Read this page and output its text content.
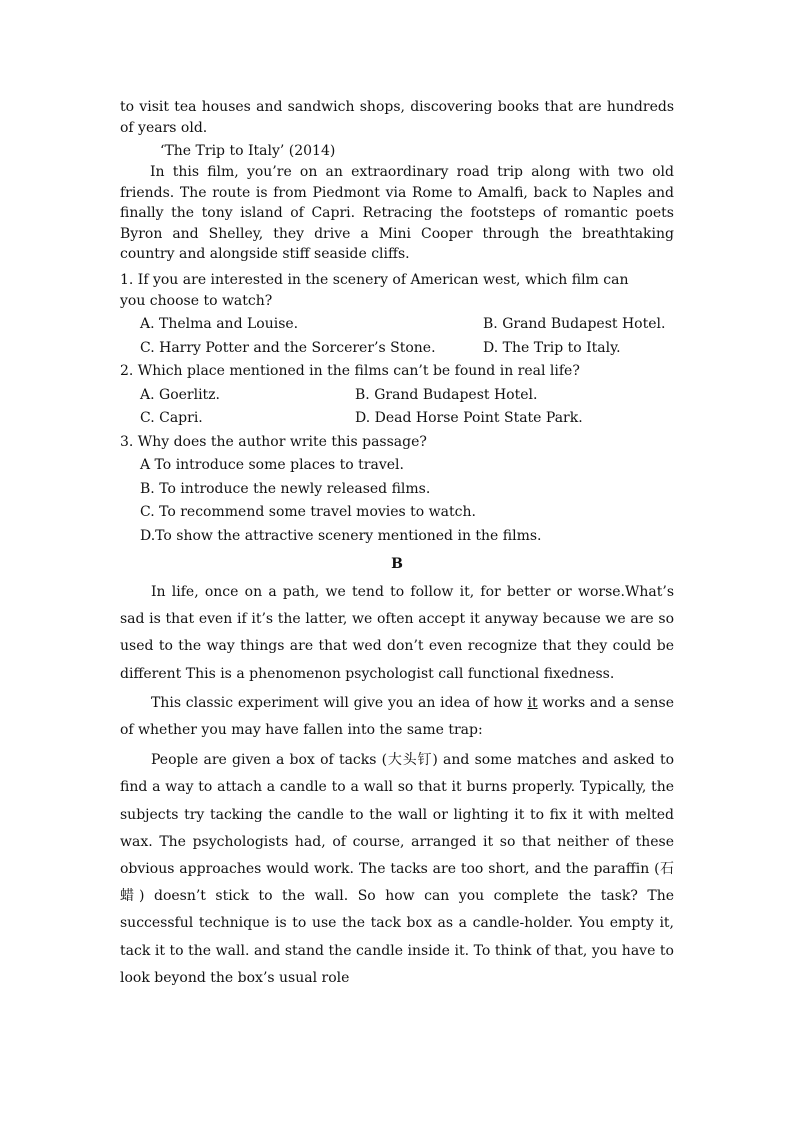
to visit tea houses and sandwich shops, discovering books that are hundreds of years old.

‘The Trip to Italy’ (2014)

In this film, you’re on an extraordinary road trip along with two old friends. The route is from Piedmont via Rome to Amalfi, back to Naples and finally the tony island of Capri. Retracing the footsteps of romantic poets Byron and Shelley, they drive a Mini Cooper through the breathtaking country and alongside stiff seaside cliffs.

1. If you are interested in the scenery of American west, which film can
you choose to watch?

A. Thelma and Louise.	B. Grand Budapest Hotel.
C. Harry Potter and the Sorcerer’s Stone.	D. The Trip to Italy.
2. Which place mentioned in the films can’t be found in real life?
A. Goerlitz.	B. Grand Budapest Hotel.
C. Capri.	D. Dead Horse Point State Park.
3. Why does the author write this passage?
A To introduce some places to travel.
B. To introduce the newly released films.
C. To recommend some travel movies to watch.
D.To show the attractive scenery mentioned in the films.

B

In life, once on a path, we tend to follow it, for better or worse.What’s sad is that even if it’s the latter, we often accept it anyway because we are so used to the way things are that wed don’t even recognize that they could be different This is a phenomenon psychologist call functional fixedness.

This classic experiment will give you an idea of how it works and a sense of whether you may have fallen into the same trap:

People are given a box of tacks (大头钉) and some matches and asked to find a way to attach a candle to a wall so that it burns properly. Typically, the subjects try tacking the candle to the wall or lighting it to fix it with melted wax. The psychologists had, of course, arranged it so that neither of these obvious approaches would work. The tacks are too short, and the paraffin (石蜡) doesn’t stick to the wall. So how can you complete the task? The successful technique is to use the tack box as a candle-holder. You empty it, tack it to the wall. and stand the candle inside it. To think of that, you have to look beyond the box’s usual role
